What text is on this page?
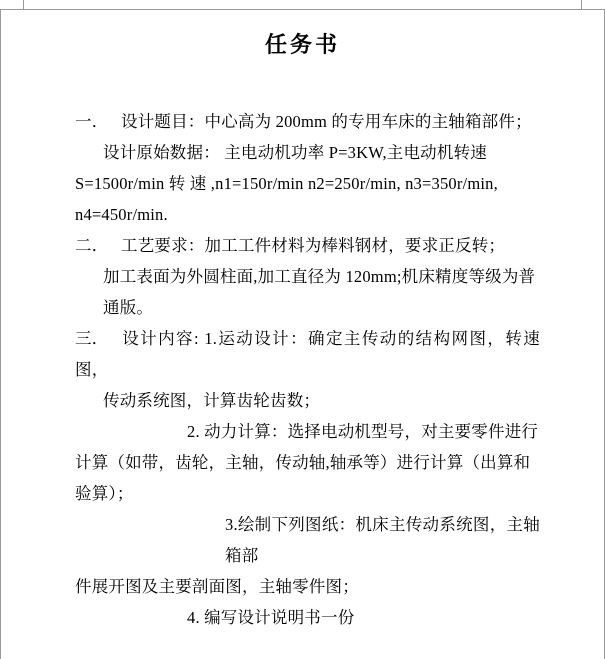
任务书

一． 设计题目：中心高为 200mm 的专用车床的主轴箱部件；

设计原始数据： 主电动机功率 P=3KW,主电动机转速

S=1500r/min 转 速 ,n1=150r/min n2=250r/min, n3=350r/min,

n4=450r/min.

二． 工艺要求：加工工件材料为棒料钢材，要求正反转；

加工表面为外圆柱面,加工直径为 120mm;机床精度等级为普

通版。

三． 设计内容: 1.运动设计：确定主传动的结构网图，转速图，

传动系统图，计算齿轮齿数；

2. 动力计算：选择电动机型号，对主要零件进行

计算（如带，齿轮，主轴，传动轴,轴承等）进行计算（出算和

验算）；

3.绘制下列图纸：机床主传动系统图，主轴箱部

件展开图及主要剖面图，主轴零件图；

4. 编写设计说明书一份
